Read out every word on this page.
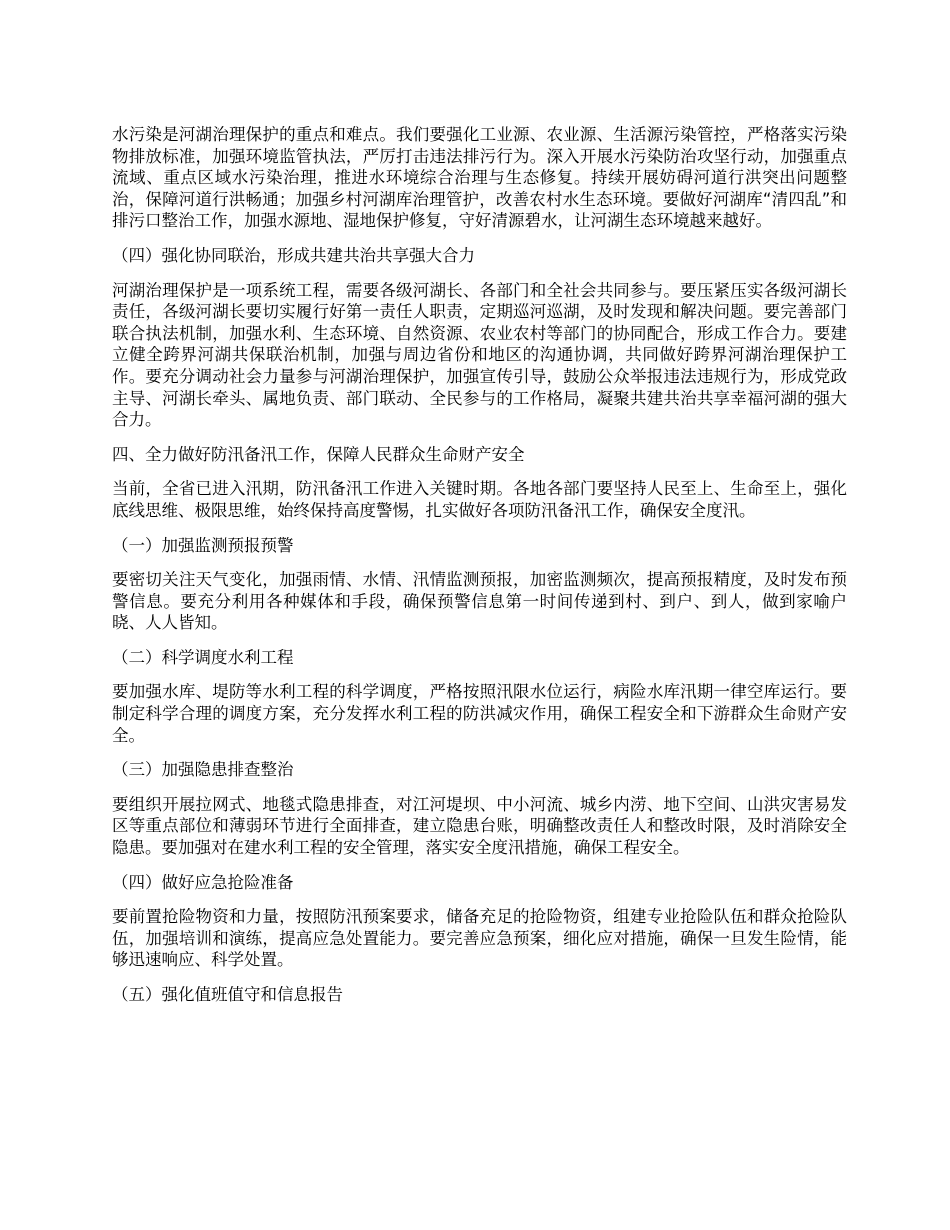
水污染是河湖治理保护的重点和难点。我们要强化工业源、农业源、生活源污染管控，严格落实污染物排放标准，加强环境监管执法，严厉打击违法排污行为。深入开展水污染防治攻坚行动，加强重点流域、重点区域水污染治理，推进水环境综合治理与生态修复。持续开展妨碍河道行洪突出问题整治，保障河道行洪畅通；加强乡村河湖库治理管护，改善农村水生态环境。要做好河湖库“清四乱”和排污口整治工作，加强水源地、湿地保护修复，守好清源碧水，让河湖生态环境越来越好。

（四）强化协同联治，形成共建共治共享强大合力

河湖治理保护是一项系统工程，需要各级河湖长、各部门和全社会共同参与。要压紧压实各级河湖长责任，各级河湖长要切实履行好第一责任人职责，定期巡河巡湖，及时发现和解决问题。要完善部门联合执法机制，加强水利、生态环境、自然资源、农业农村等部门的协同配合，形成工作合力。要建立健全跨界河湖共保联治机制，加强与周边省份和地区的沟通协调，共同做好跨界河湖治理保护工作。要充分调动社会力量参与河湖治理保护，加强宣传引导，鼓励公众举报违法违规行为，形成党政主导、河湖长牵头、属地负责、部门联动、全民参与的工作格局，凝聚共建共治共享幸福河湖的强大合力。

四、全力做好防汛备汛工作，保障人民群众生命财产安全

当前，全省已进入汛期，防汛备汛工作进入关键时期。各地各部门要坚持人民至上、生命至上，强化底线思维、极限思维，始终保持高度警惕，扎实做好各项防汛备汛工作，确保安全度汛。

（一）加强监测预报预警

要密切关注天气变化，加强雨情、水情、汛情监测预报，加密监测频次，提高预报精度，及时发布预警信息。要充分利用各种媒体和手段，确保预警信息第一时间传递到村、到户、到人，做到家喻户晓、人人皆知。

（二）科学调度水利工程

要加强水库、堤防等水利工程的科学调度，严格按照汛限水位运行，病险水库汛期一律空库运行。要制定科学合理的调度方案，充分发挥水利工程的防洪减灾作用，确保工程安全和下游群众生命财产安全。

（三）加强隐患排查整治

要组织开展拉网式、地毯式隐患排查，对江河堤坝、中小河流、城乡内涝、地下空间、山洪灾害易发区等重点部位和薄弱环节进行全面排查，建立隐患台账，明确整改责任人和整改时限，及时消除安全隐患。要加强对在建水利工程的安全管理，落实安全度汛措施，确保工程安全。

（四）做好应急抢险准备

要前置抢险物资和力量，按照防汛预案要求，储备充足的抢险物资，组建专业抢险队伍和群众抢险队伍，加强培训和演练，提高应急处置能力。要完善应急预案，细化应对措施，确保一旦发生险情，能够迅速响应、科学处置。

（五）强化值班值守和信息报告
